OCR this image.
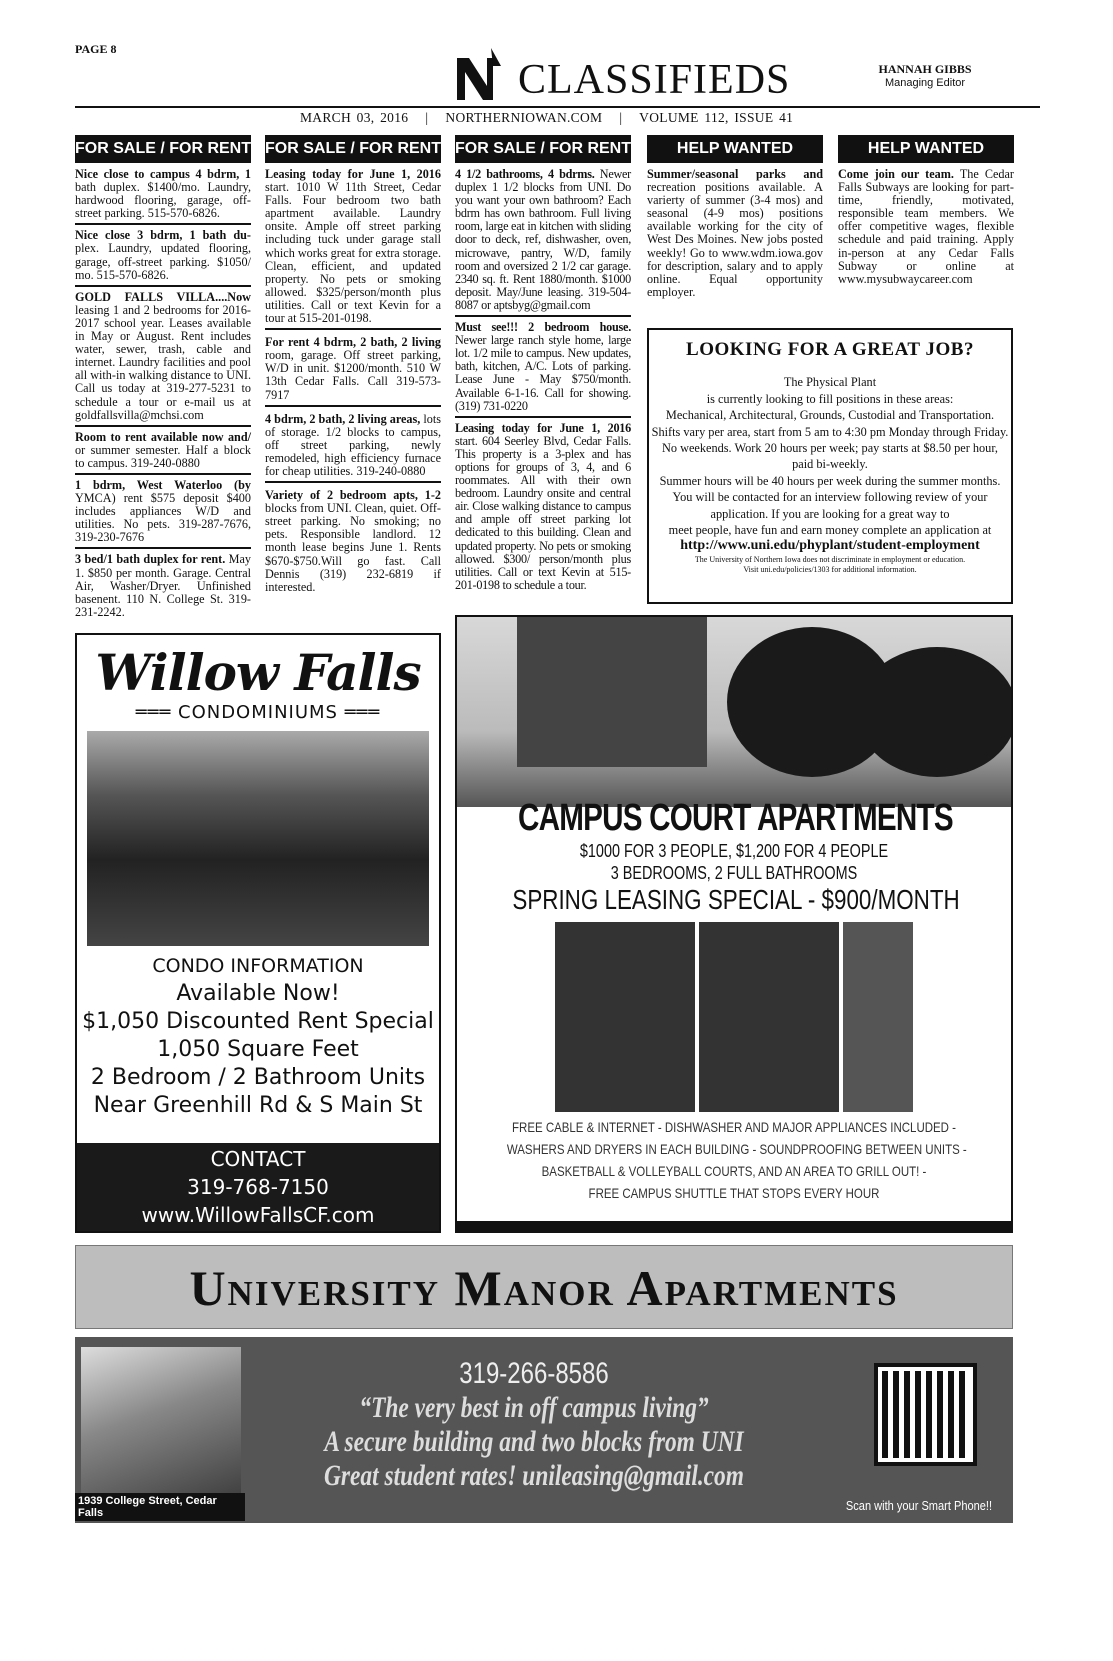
PAGE 8
CLASSIFIEDS	HANNAH GIBBS
Managing Editor
MARCH 03, 2016 | NORTHERNIOWAN.COM | VOLUME 112, ISSUE 41
FOR SALE / FOR RENT
Nice close to campus 4 bdrm, 1 bath duplex. $1400/mo. Laundry, hardwood flooring, garage, off-street parking. 515-570-6826.
Nice close 3 bdrm, 1 bath du- plex. Laundry, updated flooring, garage, off-street parking. $1050/ mo. 515-570-6826.
GOLD FALLS VILLA....Now leasing 1 and 2 bedrooms for 2016-2017 school year. Leases available in May or August. Rent includes water, sewer, trash, cable and internet. Laundry facilities and pool all with-in walking distance to UNI. Call us today at 319-277-5231 to schedule a tour or e-mail us at goldfallsvilla@mchsi.com
Room to rent available now and/ or summer semester. Half a block to campus. 319-240-0880
1 bdrm, West Waterloo (by YMCA) rent $575 deposit $400 includes appliances W/D and utilities. No pets. 319-287-7676, 319-230-7676
3 bed/1 bath duplex for rent. May 1. $850 per month. Garage. Central Air, Washer/Dryer. Unfinished basenent. 110 N. College St. 319-231-2242.
FOR SALE / FOR RENT
Leasing today for June 1, 2016 start. 1010 W 11th Street, Cedar Falls. Four bedroom two bath apartment available. Laundry onsite. Ample off street parking including tuck under garage stall which works great for extra storage. Clean, efficient, and updated property. No pets or smoking allowed. $325/person/month plus utilities. Call or text Kevin for a tour at 515-201-0198.
For rent 4 bdrm, 2 bath, 2 living room, garage. Off street parking, W/D in unit. $1200/month. 510 W 13th Cedar Falls. Call 319-573-7917
4 bdrm, 2 bath, 2 living areas, lots of storage. 1/2 blocks to campus, off street parking, newly remodeled, high efficiency furnace for cheap utilities. 319-240-0880
Variety of 2 bedroom apts, 1-2 blocks from UNI. Clean, quiet. Off-street parking. No smoking; no pets. Responsible landlord. 12 month lease begins June 1. Rents $670-$750.Will go fast. Call Dennis (319) 232-6819 if interested.
FOR SALE / FOR RENT
4 1/2 bathrooms, 4 bdrms. Newer duplex 1 1/2 blocks from UNI. Do you want your own bathroom? Each bdrm has own bathroom. Full living room, large eat in kitchen with sliding door to deck, ref, dishwasher, oven, microwave, pantry, W/D, family room and oversized 2 1/2 car garage. 2340 sq. ft. Rent 1880/month. $1000 deposit. May/June leasing. 319-504-8087 or aptsbyg@gmail.com
Must see!!! 2 bedroom house. Newer large ranch style home, large lot. 1/2 mile to campus. New updates, bath, kitchen, A/C. Lots of parking. Lease June - May $750/month. Available 6-1-16. Call for showing. (319) 731-0220
Leasing today for June 1, 2016 start. 604 Seerley Blvd, Cedar Falls. This property is a 3-plex and has options for groups of 3, 4, and 6 roommates. All with their own bedroom. Laundry onsite and central air. Close walking distance to campus and ample off street parking lot dedicated to this building. Clean and updated property. No pets or smoking allowed. $300/ person/month plus utilities. Call or text Kevin at 515-201-0198 to schedule a tour.
HELP WANTED
Summer/seasonal parks and recreation positions available. A varierty of summer (3-4 mos) and seasonal (4-9 mos) positions available working for the city of West Des Moines. New jobs posted weekly! Go to www.wdm.iowa.gov for description, salary and to apply online. Equal opportunity employer.
HELP WANTED
Come join our team. The Cedar Falls Subways are looking for part-time, friendly, motivated, responsible team members. We offer competitive wages, flexible schedule and paid training. Apply in-person at any Cedar Falls Subway or online at www.mysubwaycareer.com
LOOKING FOR A GREAT JOB?
The Physical Plant
is currently looking to fill positions in these areas:
Mechanical, Architectural, Grounds, Custodial and Transportation.
Shifts vary per area, start from 5 am to 4:30 pm Monday through Friday. No weekends. Work 20 hours per week; pay starts at $8.50 per hour, paid bi-weekly.
Summer hours will be 40 hours per week during the summer months.
You will be contacted for an interview following review of your application. If you are looking for a great way to
meet people, have fun and earn money complete an application at
http://www.uni.edu/phyplant/student-employment
The University of Northern Iowa does not discriminate in employment or education.
Visit uni.edu/policies/1303 for additional information.
Willow Falls
═══ CONDOMINIUMS ═══
CONDO INFORMATION
Available Now!
$1,050 Discounted Rent Special
1,050 Square Feet
2 Bedroom / 2 Bathroom Units
Near Greenhill Rd & S Main St
CONTACT
319-768-7150
www.WillowFallsCF.com
CAMPUS COURT APARTMENTS
$1000 FOR 3 PEOPLE, $1,200 FOR 4 PEOPLE
3 BEDROOMS, 2 FULL BATHROOMS
SPRING LEASING SPECIAL - $900/MONTH
FREE CABLE & INTERNET - DISHWASHER AND MAJOR APPLIANCES INCLUDED -
WASHERS AND DRYERS IN EACH BUILDING - SOUNDPROOFING BETWEEN UNITS -
BASKETBALL & VOLLEYBALL COURTS, AND AN AREA TO GRILL OUT! -
FREE CAMPUS SHUTTLE THAT STOPS EVERY HOUR
University Manor Apartments
1939 College Street, Cedar Falls
319-266-8586
“The very best in off campus living”
A secure building and two blocks from UNI
Great student rates! unileasing@gmail.com
Scan with your Smart Phone!!
